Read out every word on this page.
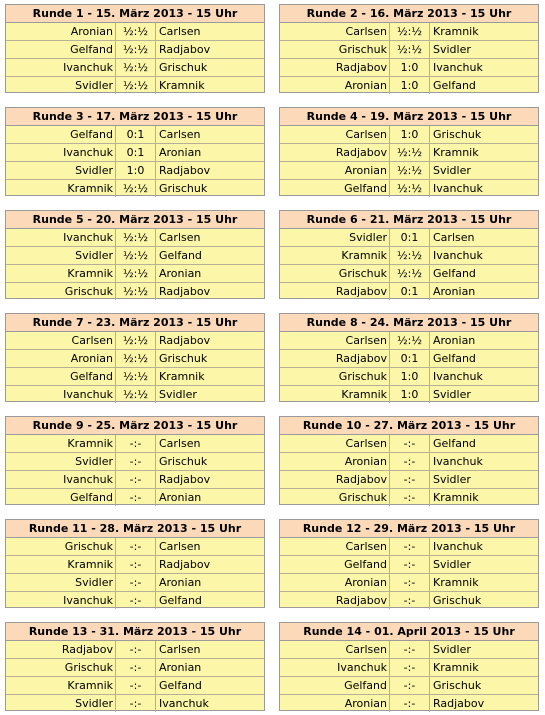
Runde 1 - 15. März 2013 - 15 Uhr
Aronian ½:½ Carlsen
Gelfand ½:½ Radjabov
Ivanchuk ½:½ Grischuk
Svidler ½:½ Kramnik
Runde 2 - 16. März 2013 - 15 Uhr
Carlsen ½:½ Kramnik
Grischuk ½:½ Svidler
Radjabov	1:0	Ivanchuk
Aronian	1:0	Gelfand
Runde 3 - 17. März 2013 - 15 Uhr
Gelfand	0:1	Carlsen
Ivanchuk	0:1	Aronian
Svidler	1:0	Radjabov
Kramnik ½:½ Grischuk
Runde 4 - 19. März 2013 - 15 Uhr
Carlsen	1:0	Grischuk
Radjabov ½:½ Kramnik
Aronian ½:½ Svidler
Gelfand ½:½ Ivanchuk
Runde 5 - 20. März 2013 - 15 Uhr
Ivanchuk ½:½ Carlsen
Svidler ½:½ Gelfand
Kramnik ½:½ Aronian
Grischuk ½:½ Radjabov
Runde 6 - 21. März 2013 - 15 Uhr
Svidler	0:1	Carlsen
Kramnik ½:½ Ivanchuk
Grischuk ½:½ Gelfand
Radjabov	0:1	Aronian
Runde 7 - 23. März 2013 - 15 Uhr
Carlsen ½:½ Radjabov
Aronian ½:½ Grischuk
Gelfand ½:½ Kramnik
Ivanchuk ½:½ Svidler
Runde 8 - 24. März 2013 - 15 Uhr
Carlsen ½:½ Aronian
Radjabov	0:1	Gelfand
Grischuk	1:0	Ivanchuk
Kramnik	1:0	Svidler
Runde 9 - 25. März 2013 - 15 Uhr
Kramnik	-:-	Carlsen
Svidler	-:-	Grischuk
Ivanchuk	-:-	Radjabov
Gelfand	-:-	Aronian
Runde 10 - 27. März 2013 - 15 Uhr
Carlsen	-:-	Gelfand
Aronian	-:-	Ivanchuk
Radjabov	-:-	Svidler
Grischuk	-:-	Kramnik
Runde 11 - 28. März 2013 - 15 Uhr
Grischuk	-:-	Carlsen
Kramnik	-:-	Radjabov
Svidler	-:-	Aronian
Ivanchuk	-:-	Gelfand
Runde 12 - 29. März 2013 - 15 Uhr
Carlsen	-:-	Ivanchuk
Gelfand	-:-	Svidler
Aronian	-:-	Kramnik
Radjabov	-:-	Grischuk
Runde 13 - 31. März 2013 - 15 Uhr
Radjabov	-:-	Carlsen
Grischuk	-:-	Aronian
Kramnik	-:-	Gelfand
Svidler	-:-	Ivanchuk
Runde 14 - 01. April 2013 - 15 Uhr
Carlsen	-:-	Svidler
Ivanchuk	-:-	Kramnik
Gelfand	-:-	Grischuk
Aronian	-:-	Radjabov
